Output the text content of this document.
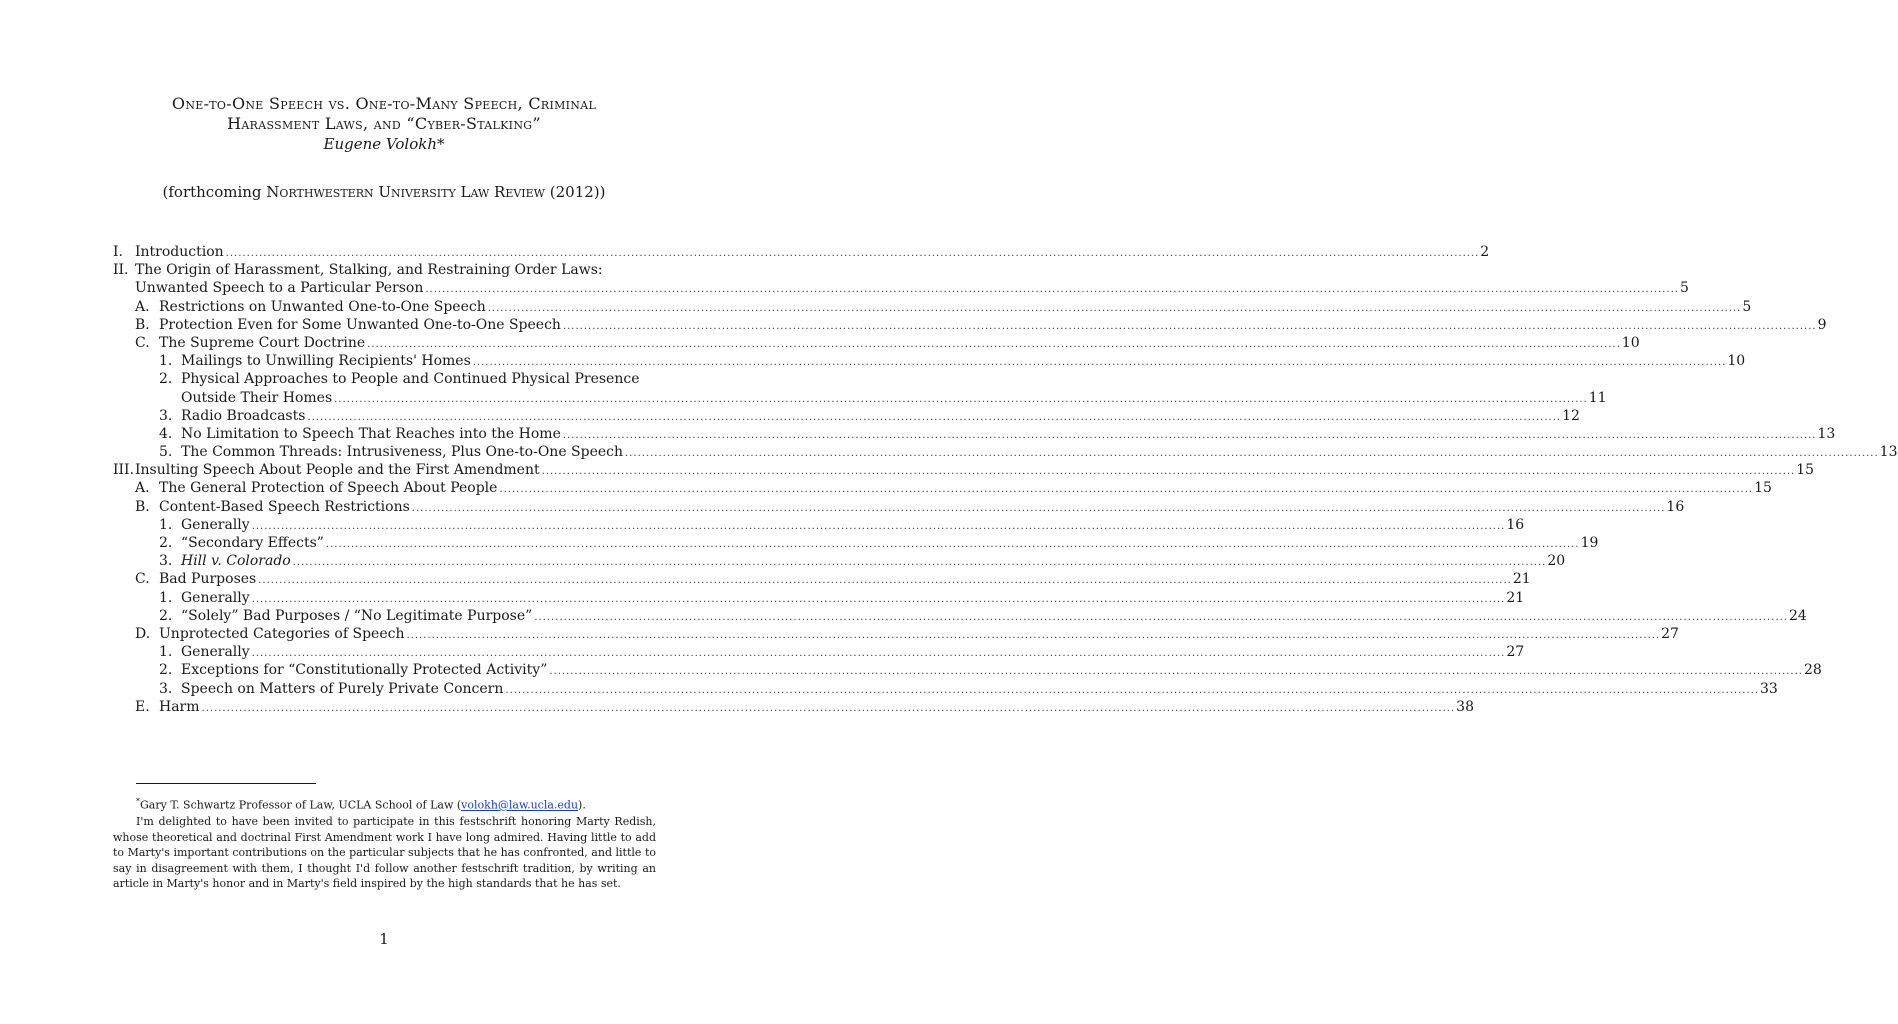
One-to-One Speech vs. One-to-Many Speech, Criminal
Harassment Laws, and “Cyber-Stalking”
Eugene Volokh*
(forthcoming Northwestern University Law Review (2012))
I. Introduction ............................................................................................................................................................................................................................................................................................................ 2
II. The Origin of Harassment, Stalking, and Restraining Order Laws:
Unwanted Speech to a Particular Person ............................................................................................................................................................................................................................................................................................................ 5
A. Restrictions on Unwanted One-to-One Speech ............................................................................................................................................................................................................................................................................................................ 5
B. Protection Even for Some Unwanted One-to-One Speech ............................................................................................................................................................................................................................................................................................................ 9
C. The Supreme Court Doctrine ............................................................................................................................................................................................................................................................................................................ 10
1. Mailings to Unwilling Recipients' Homes ............................................................................................................................................................................................................................................................................................................ 10
2. Physical Approaches to People and Continued Physical Presence
Outside Their Homes ............................................................................................................................................................................................................................................................................................................ 11
3. Radio Broadcasts ............................................................................................................................................................................................................................................................................................................ 12
4. No Limitation to Speech That Reaches into the Home ............................................................................................................................................................................................................................................................................................................ 13
5. The Common Threads: Intrusiveness, Plus One-to-One Speech ............................................................................................................................................................................................................................................................................................................ 13
III. Insulting Speech About People and the First Amendment ............................................................................................................................................................................................................................................................................................................ 15
A. The General Protection of Speech About People ............................................................................................................................................................................................................................................................................................................ 15
B. Content-Based Speech Restrictions ............................................................................................................................................................................................................................................................................................................ 16
1. Generally ............................................................................................................................................................................................................................................................................................................ 16
2. “Secondary Effects” ............................................................................................................................................................................................................................................................................................................ 19
3. Hill v. Colorado ............................................................................................................................................................................................................................................................................................................ 20
C. Bad Purposes ............................................................................................................................................................................................................................................................................................................ 21
1. Generally ............................................................................................................................................................................................................................................................................................................ 21
2. “Solely” Bad Purposes / “No Legitimate Purpose” ............................................................................................................................................................................................................................................................................................................ 24
D. Unprotected Categories of Speech ............................................................................................................................................................................................................................................................................................................ 27
1. Generally ............................................................................................................................................................................................................................................................................................................ 27
2. Exceptions for “Constitutionally Protected Activity” ............................................................................................................................................................................................................................................................................................................ 28
3. Speech on Matters of Purely Private Concern ............................................................................................................................................................................................................................................................................................................ 33
E. Harm ............................................................................................................................................................................................................................................................................................................ 38
*Gary T. Schwartz Professor of Law, UCLA School of Law (volokh@law.ucla.edu).
I'm delighted to have been invited to participate in this festschrift honoring Marty Redish, whose theoretical and doctrinal First Amendment work I have long admired. Having little to add to Marty's important contributions on the particular subjects that he has confronted, and little to say in disagreement with them, I thought I'd follow another festschrift tradition, by writing an article in Marty's honor and in Marty's field inspired by the high standards that he has set.
1
